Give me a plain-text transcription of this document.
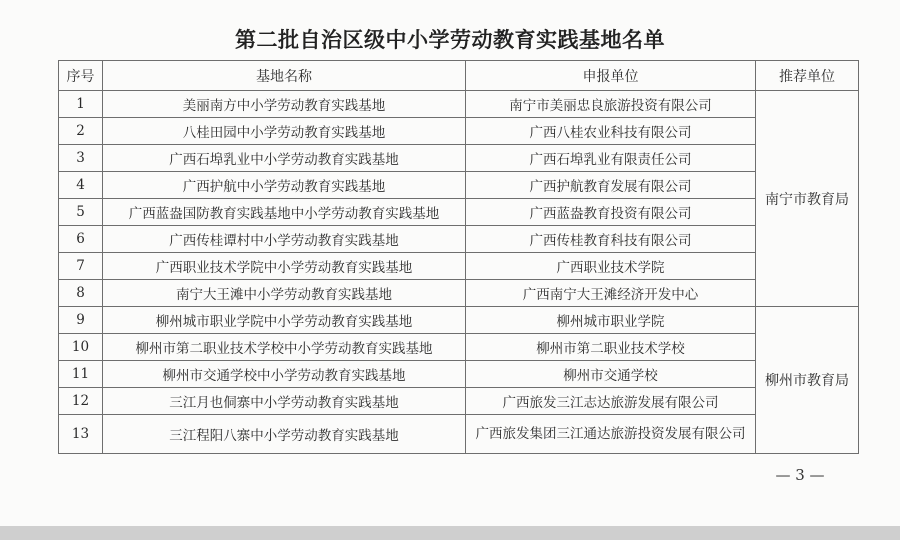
第二批自治区级中小学劳动教育实践基地名单
序号	基地名称	申报单位	推荐单位
1	美丽南方中小学劳动教育实践基地	南宁市美丽忠良旅游投资有限公司	南宁市教育局
2	八桂田园中小学劳动教育实践基地	广西八桂农业科技有限公司	
3	广西石埠乳业中小学劳动教育实践基地	广西石埠乳业有限责任公司	
4	广西护航中小学劳动教育实践基地	广西护航教育发展有限公司	
5	广西蓝盎国防教育实践基地中小学劳动教育实践基地	广西蓝盎教育投资有限公司	
6	广西传桂谭村中小学劳动教育实践基地	广西传桂教育科技有限公司	
7	广西职业技术学院中小学劳动教育实践基地	广西职业技术学院	
8	南宁大王滩中小学劳动教育实践基地	广西南宁大王滩经济开发中心	
9	柳州城市职业学院中小学劳动教育实践基地	柳州城市职业学院	柳州市教育局
10	柳州市第二职业技术学校中小学劳动教育实践基地	柳州市第二职业技术学校	
11	柳州市交通学校中小学劳动教育实践基地	柳州市交通学校	
12	三江月也侗寨中小学劳动教育实践基地	广西旅发三江志达旅游发展有限公司	
13	三江程阳八寨中小学劳动教育实践基地	广西旅发集团三江通达旅游投资发展有限公司	
— 3 —
